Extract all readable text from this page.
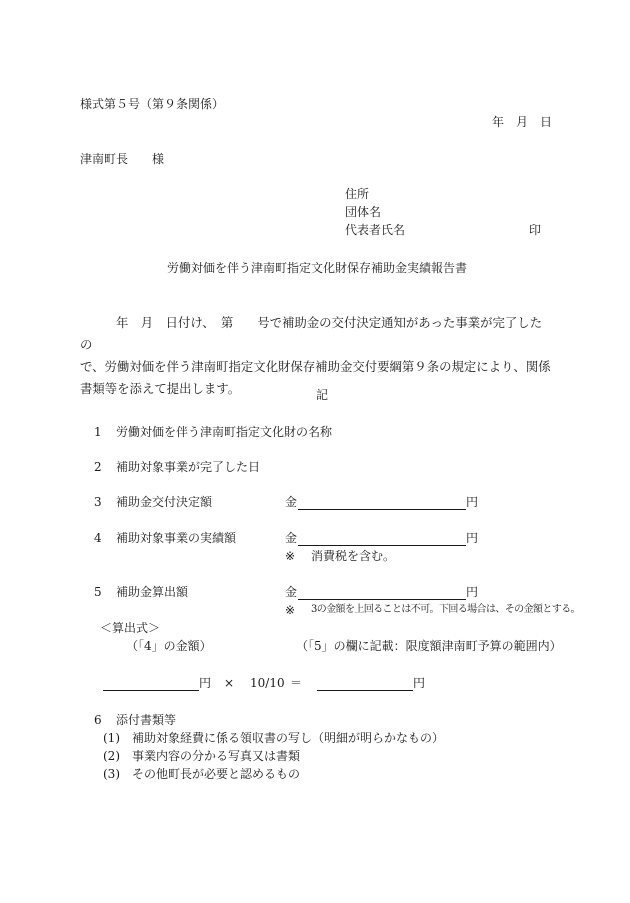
様式第５号（第９条関係）
年　月　日
津南町長　　様
住所
団体名
代表者氏名	印
労働対価を伴う津南町指定文化財保存補助金実績報告書
年　月　日付け、　第 号で補助金の交付決定通知があった事業が完了したの
で、労働対価を伴う津南町指定文化財保存補助金交付要綱第９条の規定により、関係
書類等を添えて提出します。	記
1 労働対価を伴う津南町指定文化財の名称
2 補助対象事業が完了した日
3 補助金交付決定額	金	円
4 補助対象事業の実績額	金	円
※ 消費税を含む。
5 補助金算出額	金	円
※ 3の金額を上回ることは不可。下回る場合は、その金額とする。
＜算出式＞
（「4」の金額）	（「5」の欄に記載：限度額津南町予算の範囲内）
円 × 10/10 ＝	円
6 添付書類等
(1)　補助対象経費に係る領収書の写し（明細が明らかなもの）
(2)　事業内容の分かる写真又は書類
(3)　その他町長が必要と認めるもの
